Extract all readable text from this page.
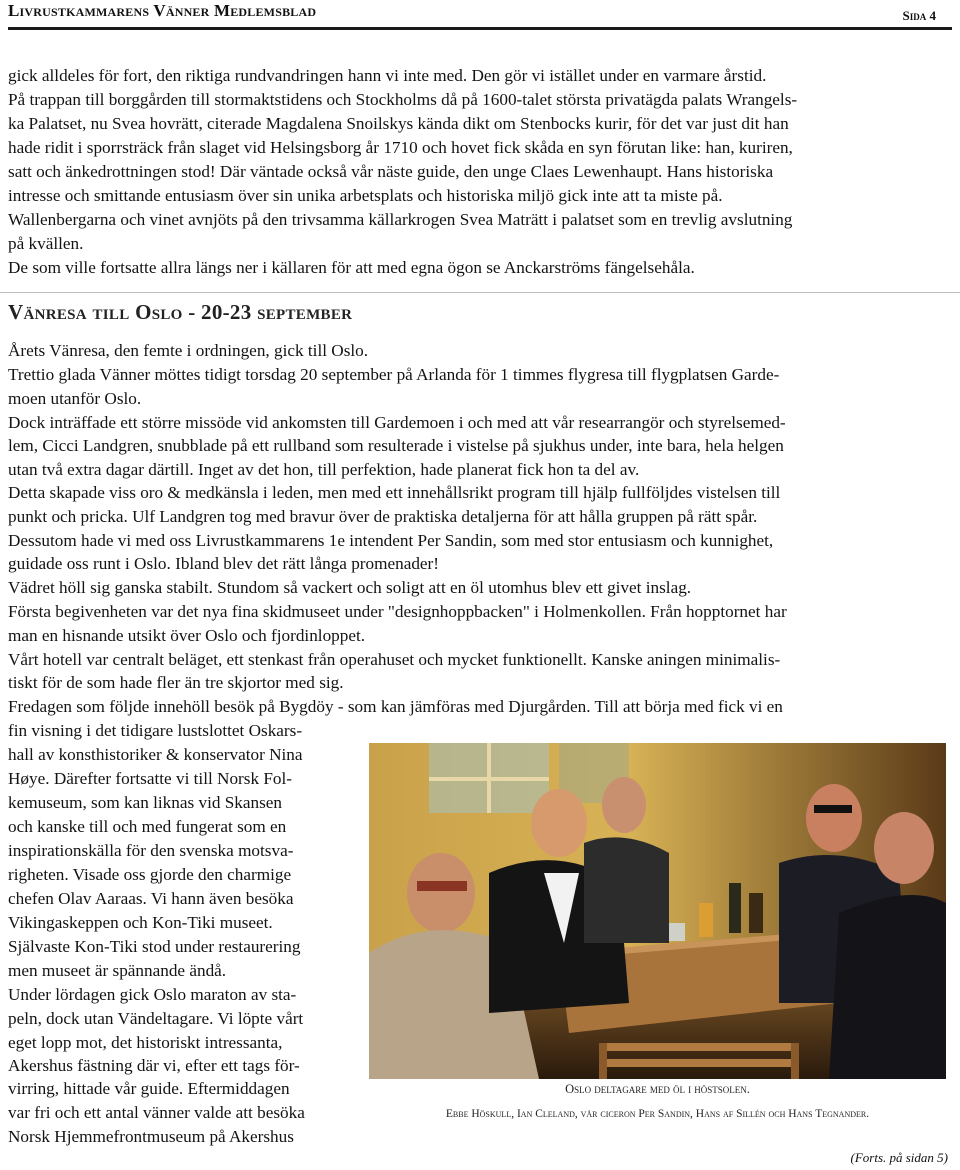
Livrustkammarens Vänner Medlemsblad	Sida 4
gick alldeles för fort, den riktiga rundvandringen hann vi inte med. Den gör vi istället under en varmare årstid.
På trappan till borggården till stormaktstidens och Stockholms då på 1600-talet största privatägda palats Wrangels-
ka Palatset, nu Svea hovrätt, citerade Magdalena Snoilskys kända dikt om Stenbocks kurir, för det var just dit han
hade ridit i sporrsträck från slaget vid Helsingsborg år 1710 och hovet fick skåda en syn förutan like: han, kuriren,
satt och änkedrottningen stod! Där väntade också vår näste guide, den unge Claes Lewenhaupt. Hans historiska
intresse och smittande entusiasm över sin unika arbetsplats och historiska miljö gick inte att ta miste på.
Wallenbergarna och vinet avnjöts på den trivsamma källarkrogen Svea Maträtt i palatset som en trevlig avslutning
på kvällen.
De som ville fortsatte allra längs ner i källaren för att med egna ögon se Anckarströms fängelsehåla.
Vänresa till Oslo - 20-23 september
Årets Vänresa, den femte i ordningen, gick till Oslo.
Trettio glada Vänner möttes tidigt torsdag 20 september på Arlanda för 1 timmes flygresa till flygplatsen Garde-
moen utanför Oslo.
Dock inträffade ett större missöde vid ankomsten till Gardemoen i och med att vår researrangör och styrelsemed-
lem, Cicci Landgren, snubblade på ett rullband som resulterade i vistelse på sjukhus under, inte bara, hela helgen
utan två extra dagar därtill. Inget av det hon, till perfektion, hade planerat fick hon ta del av.
Detta skapade viss oro & medkänsla i leden, men med ett innehållsrikt program till hjälp fullföljdes vistelsen till
punkt och pricka. Ulf Landgren tog med bravur över de praktiska detaljerna för att hålla gruppen på rätt spår.
Dessutom hade vi med oss Livrustkammarens 1e intendent Per Sandin, som med stor entusiasm och kunnighet,
guidade oss runt i Oslo. Ibland blev det rätt långa promenader!
Vädret höll sig ganska stabilt. Stundom så vackert och soligt att en öl utomhus blev ett givet inslag.
Första begivenheten var det nya fina skidmuseet under "designhoppbacken" i Holmenkollen. Från hopptornet har
man en hisnande utsikt över Oslo och fjordinloppet.
Vårt hotell var centralt beläget, ett stenkast från operahuset och mycket funktionellt. Kanske aningen minimalis-
tiskt för de som hade fler än tre skjortor med sig.
Fredagen som följde innehöll besök på Bygdöy - som kan jämföras med Djurgården. Till att börja med fick vi en
fin visning i det tidigare lustslottet Oskars-
hall av konsthistoriker & konservator Nina
Høye. Därefter fortsatte vi till Norsk Fol-
kemuseum, som kan liknas vid Skansen
och kanske till och med fungerat som en
inspirationskälla för den svenska motsva-
righeten. Visade oss gjorde den charmige
chefen Olav Aaraas. Vi hann även besöka
Vikingaskeppen och Kon-Tiki museet.
Självaste Kon-Tiki stod under restaurering
men museet är spännande ändå.
Under lördagen gick Oslo maraton av sta-
peln, dock utan Vändeltagare. Vi löpte vårt
eget lopp mot, det historiskt intressanta,
Akershus fästning där vi, efter ett tags för-
virring, hittade vår guide. Eftermiddagen
var fri och ett antal vänner valde att besöka
Norsk Hjemmefrontmuseum på Akershus
Oslo deltagare med öl i höstsolen.
Ebbe Höskull, Ian Cleland, vår ciceron Per Sandin, Hans af Sillén och Hans Tegnander.
(Forts. på sidan 5)
